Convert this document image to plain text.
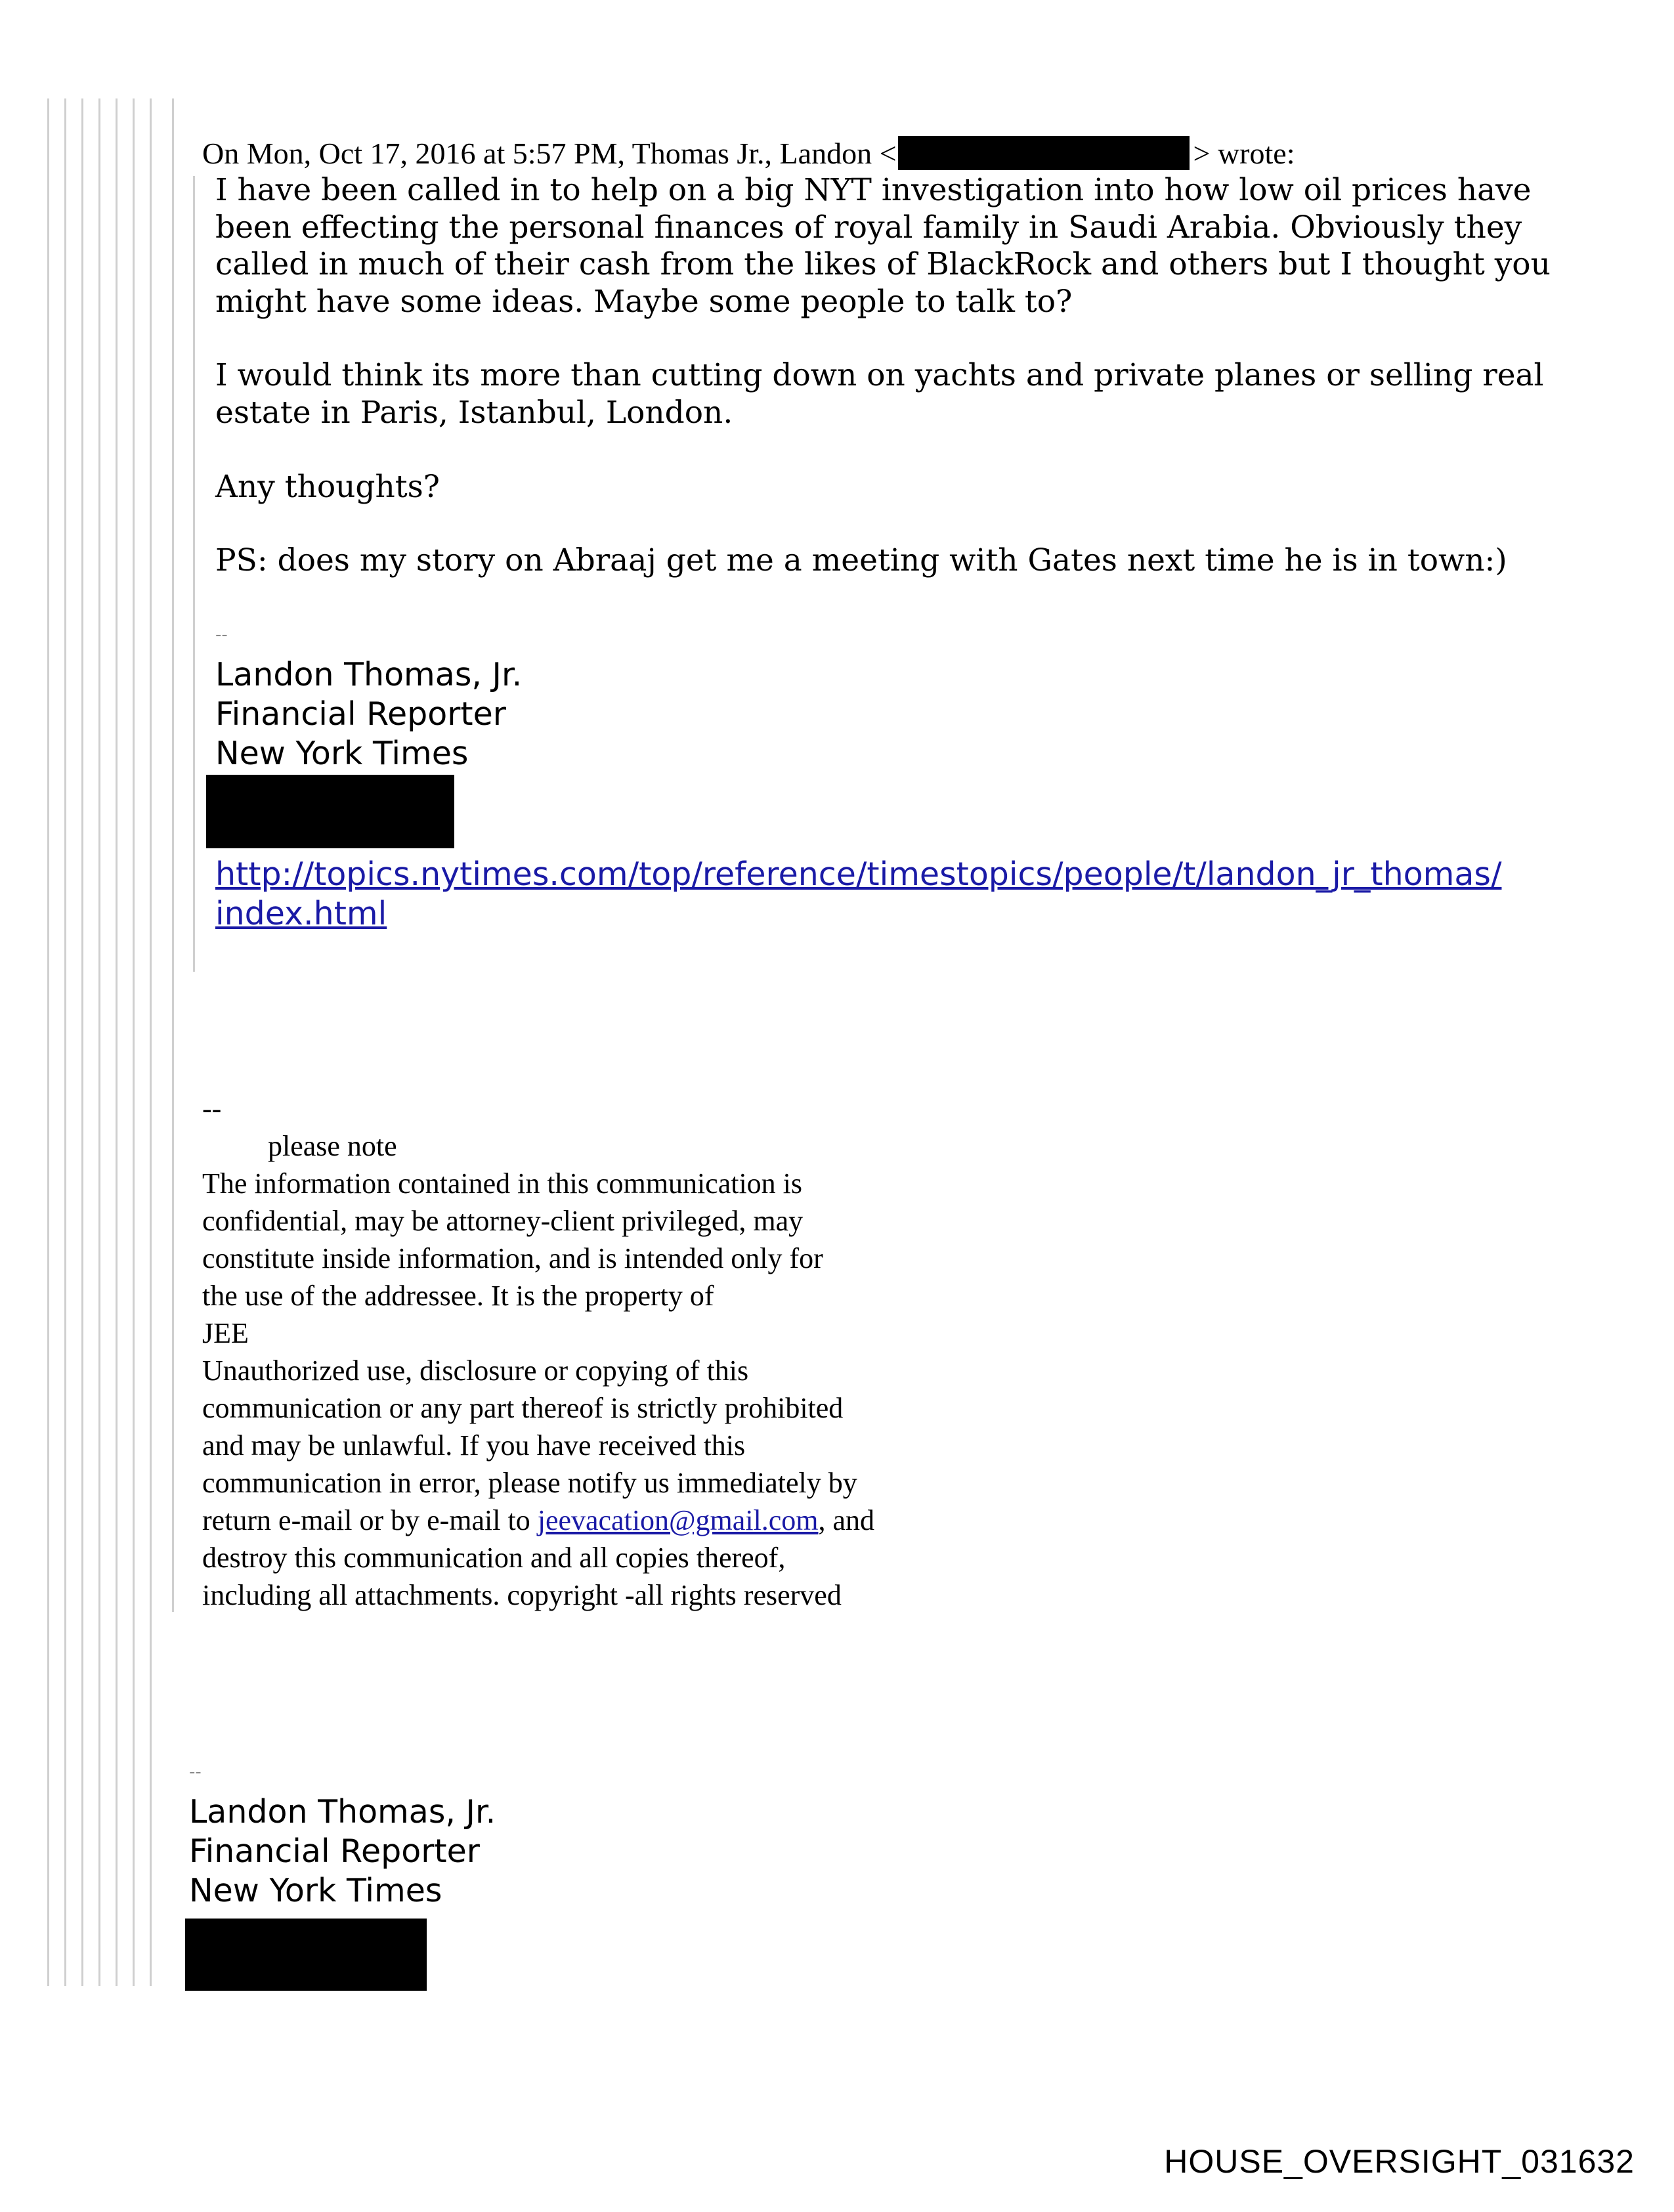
On Mon, Oct 17, 2016 at 5:57 PM, Thomas Jr., Landon <	> wrote:
I have been called in to help on a big NYT investigation into how low oil prices have been effecting the personal finances of royal family in Saudi Arabia. Obviously they called in much of their cash from the likes of BlackRock and others but I thought you might have some ideas. Maybe some people to talk to?
I would think its more than cutting down on yachts and private planes or selling real estate in Paris, Istanbul, London.
Any thoughts?
PS: does my story on Abraaj get me a meeting with Gates next time he is in town:)
--
Landon Thomas, Jr.
Financial Reporter
New York Times
http://topics.nytimes.com/top/reference/timestopics/people/t/landon_jr_thomas/
index.html
--
please note
The information contained in this communication is
confidential, may be attorney-client privileged, may
constitute inside information, and is intended only for
the use of the addressee. It is the property of
JEE
Unauthorized use, disclosure or copying of this
communication or any part thereof is strictly prohibited
and may be unlawful. If you have received this
communication in error, please notify us immediately by
return e-mail or by e-mail to jeevacation@gmail.com, and
destroy this communication and all copies thereof,
including all attachments. copyright -all rights reserved
--
Landon Thomas, Jr.
Financial Reporter
New York Times
HOUSE_OVERSIGHT_031632
